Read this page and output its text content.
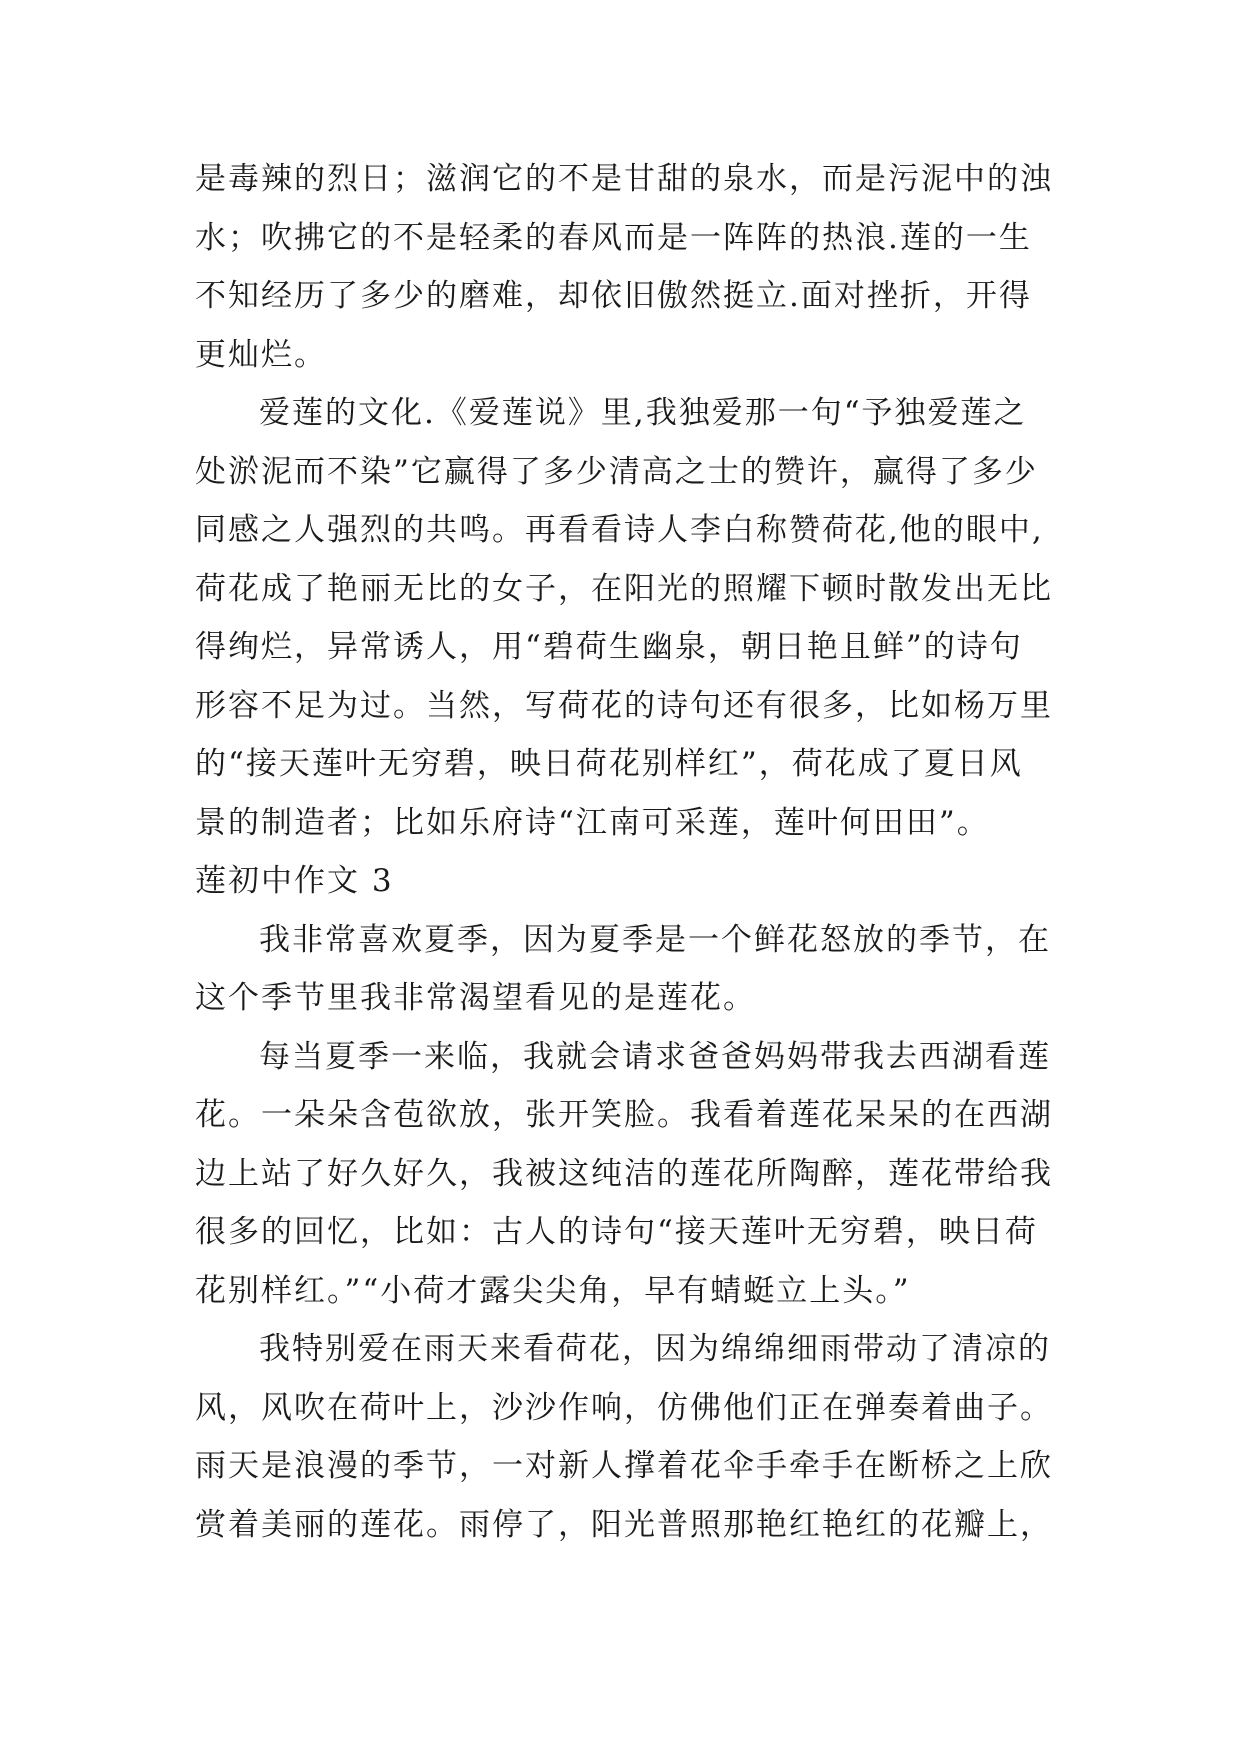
是毒辣的烈日；滋润它的不是甘甜的泉水，而是污泥中的浊
水；吹拂它的不是轻柔的春风而是一阵阵的热浪.莲的一生
不知经历了多少的磨难，却依旧傲然挺立.面对挫折，开得
更灿烂。
爱莲的文化.《爱莲说》里,我独爱那一句“予独爱莲之
处淤泥而不染”它赢得了多少清高之士的赞许，赢得了多少
同感之人强烈的共鸣。再看看诗人李白称赞荷花,他的眼中,
荷花成了艳丽无比的女子，在阳光的照耀下顿时散发出无比
得绚烂，异常诱人，用“碧荷生幽泉，朝日艳且鲜”的诗句
形容不足为过。当然，写荷花的诗句还有很多，比如杨万里
的“接天莲叶无穷碧，映日荷花别样红”，荷花成了夏日风
景的制造者；比如乐府诗“江南可采莲，莲叶何田田”。
莲初中作文 3
我非常喜欢夏季，因为夏季是一个鲜花怒放的季节，在
这个季节里我非常渴望看见的是莲花。
每当夏季一来临，我就会请求爸爸妈妈带我去西湖看莲
花。一朵朵含苞欲放，张开笑脸。我看着莲花呆呆的在西湖
边上站了好久好久，我被这纯洁的莲花所陶醉，莲花带给我
很多的回忆，比如：古人的诗句“接天莲叶无穷碧，映日荷
花别样红。”“小荷才露尖尖角，早有蜻蜓立上头。”
我特别爱在雨天来看荷花，因为绵绵细雨带动了清凉的
风，风吹在荷叶上，沙沙作响，仿佛他们正在弹奏着曲子。
雨天是浪漫的季节，一对新人撑着花伞手牵手在断桥之上欣
赏着美丽的莲花。雨停了，阳光普照那艳红艳红的花瓣上，
